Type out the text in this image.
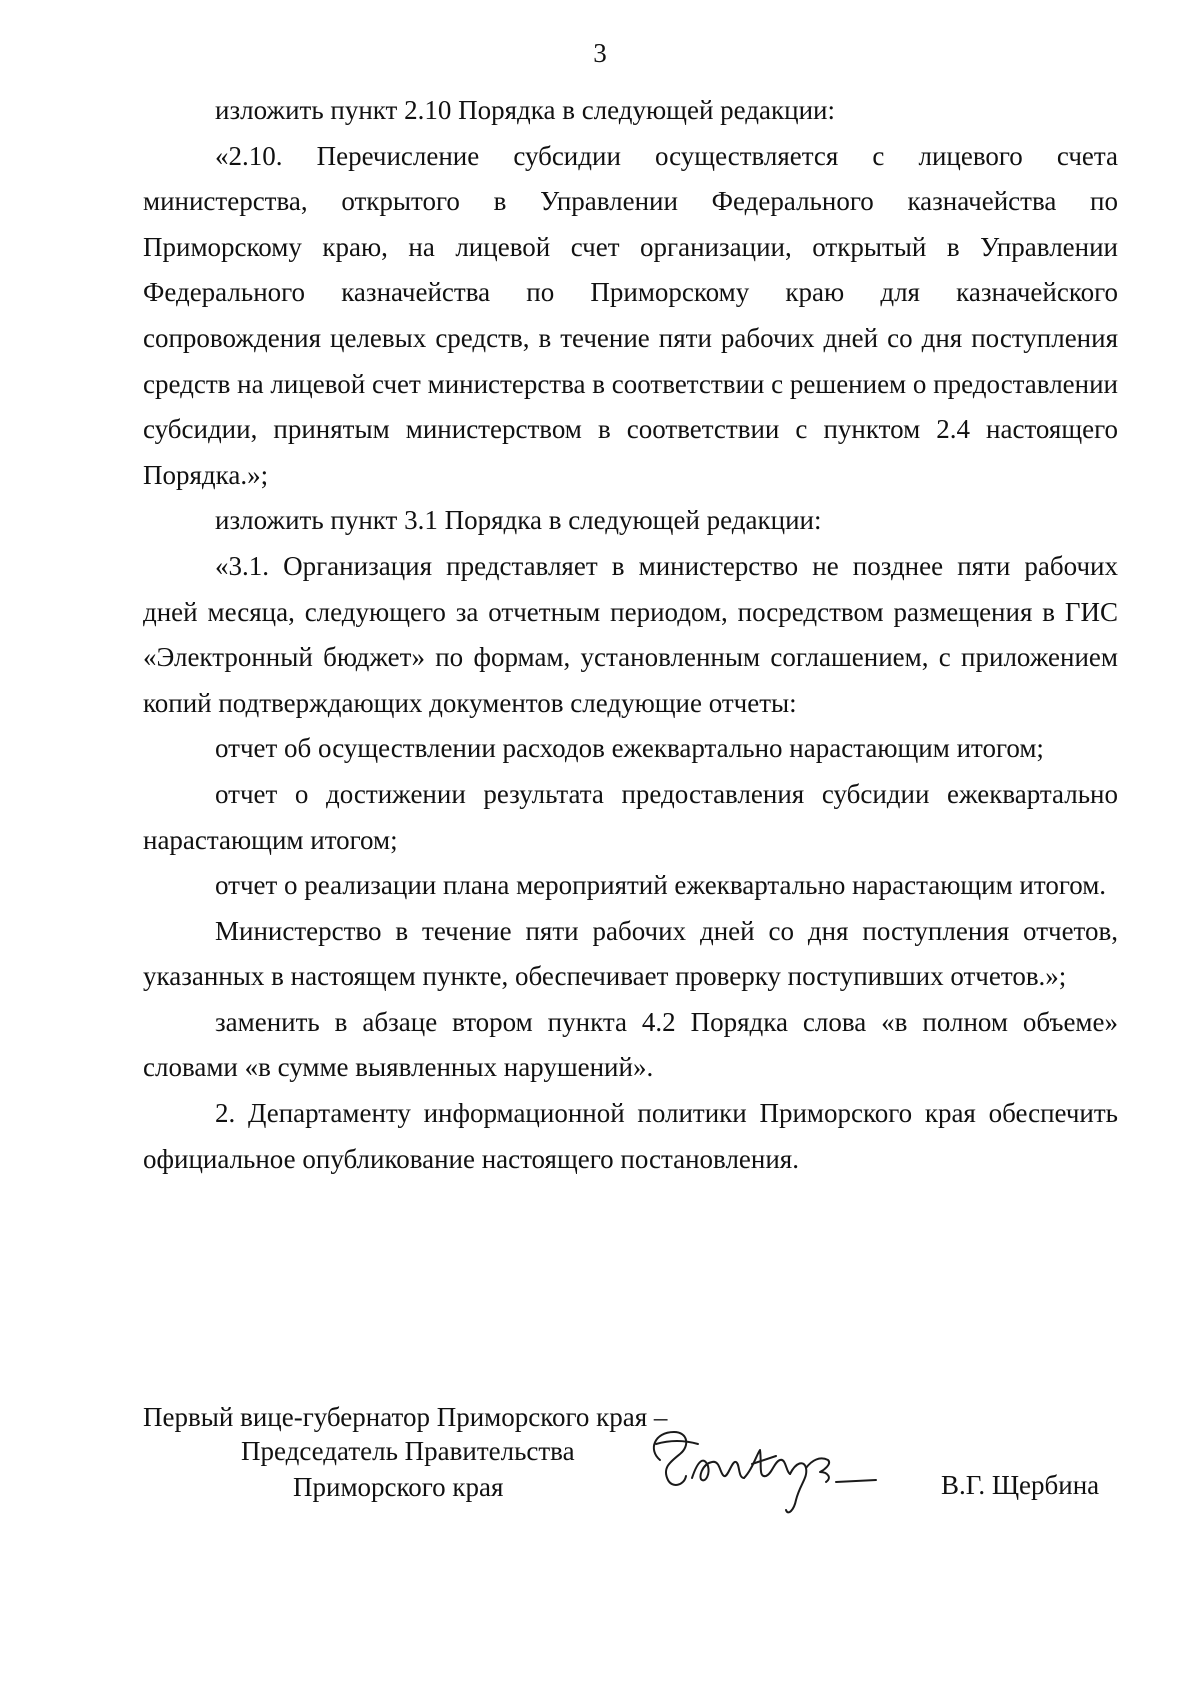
3

изложить пункт 2.10 Порядка в следующей редакции:

«2.10. Перечисление субсидии осуществляется с лицевого счета министерства, открытого в Управлении Федерального казначейства по Приморскому краю, на лицевой счет организации, открытый в Управлении Федерального казначейства по Приморскому краю для казначейского сопровождения целевых средств, в течение пяти рабочих дней со дня поступления средств на лицевой счет министерства в соответствии с решением о предоставлении субсидии, принятым министерством в соответствии с пунктом 2.4 настоящего Порядка.»;

изложить пункт 3.1 Порядка в следующей редакции:

«3.1. Организация представляет в министерство не позднее пяти рабочих дней месяца, следующего за отчетным периодом, посредством размещения в ГИС «Электронный бюджет» по формам, установленным соглашением, с приложением копий подтверждающих документов следующие отчеты:

отчет об осуществлении расходов ежеквартально нарастающим итогом;

отчет о достижении результата предоставления субсидии ежеквартально нарастающим итогом;

отчет о реализации плана мероприятий ежеквартально нарастающим итогом.

Министерство в течение пяти рабочих дней со дня поступления отчетов, указанных в настоящем пункте, обеспечивает проверку поступивших отчетов.»;

заменить в абзаце втором пункта 4.2 Порядка слова «в полном объеме» словами «в сумме выявленных нарушений».

2. Департаменту информационной политики Приморского края обеспечить официальное опубликование настоящего постановления.

Первый вице-губернатор Приморского края –
Председатель Правительства
Приморского края	В.Г. Щербина
